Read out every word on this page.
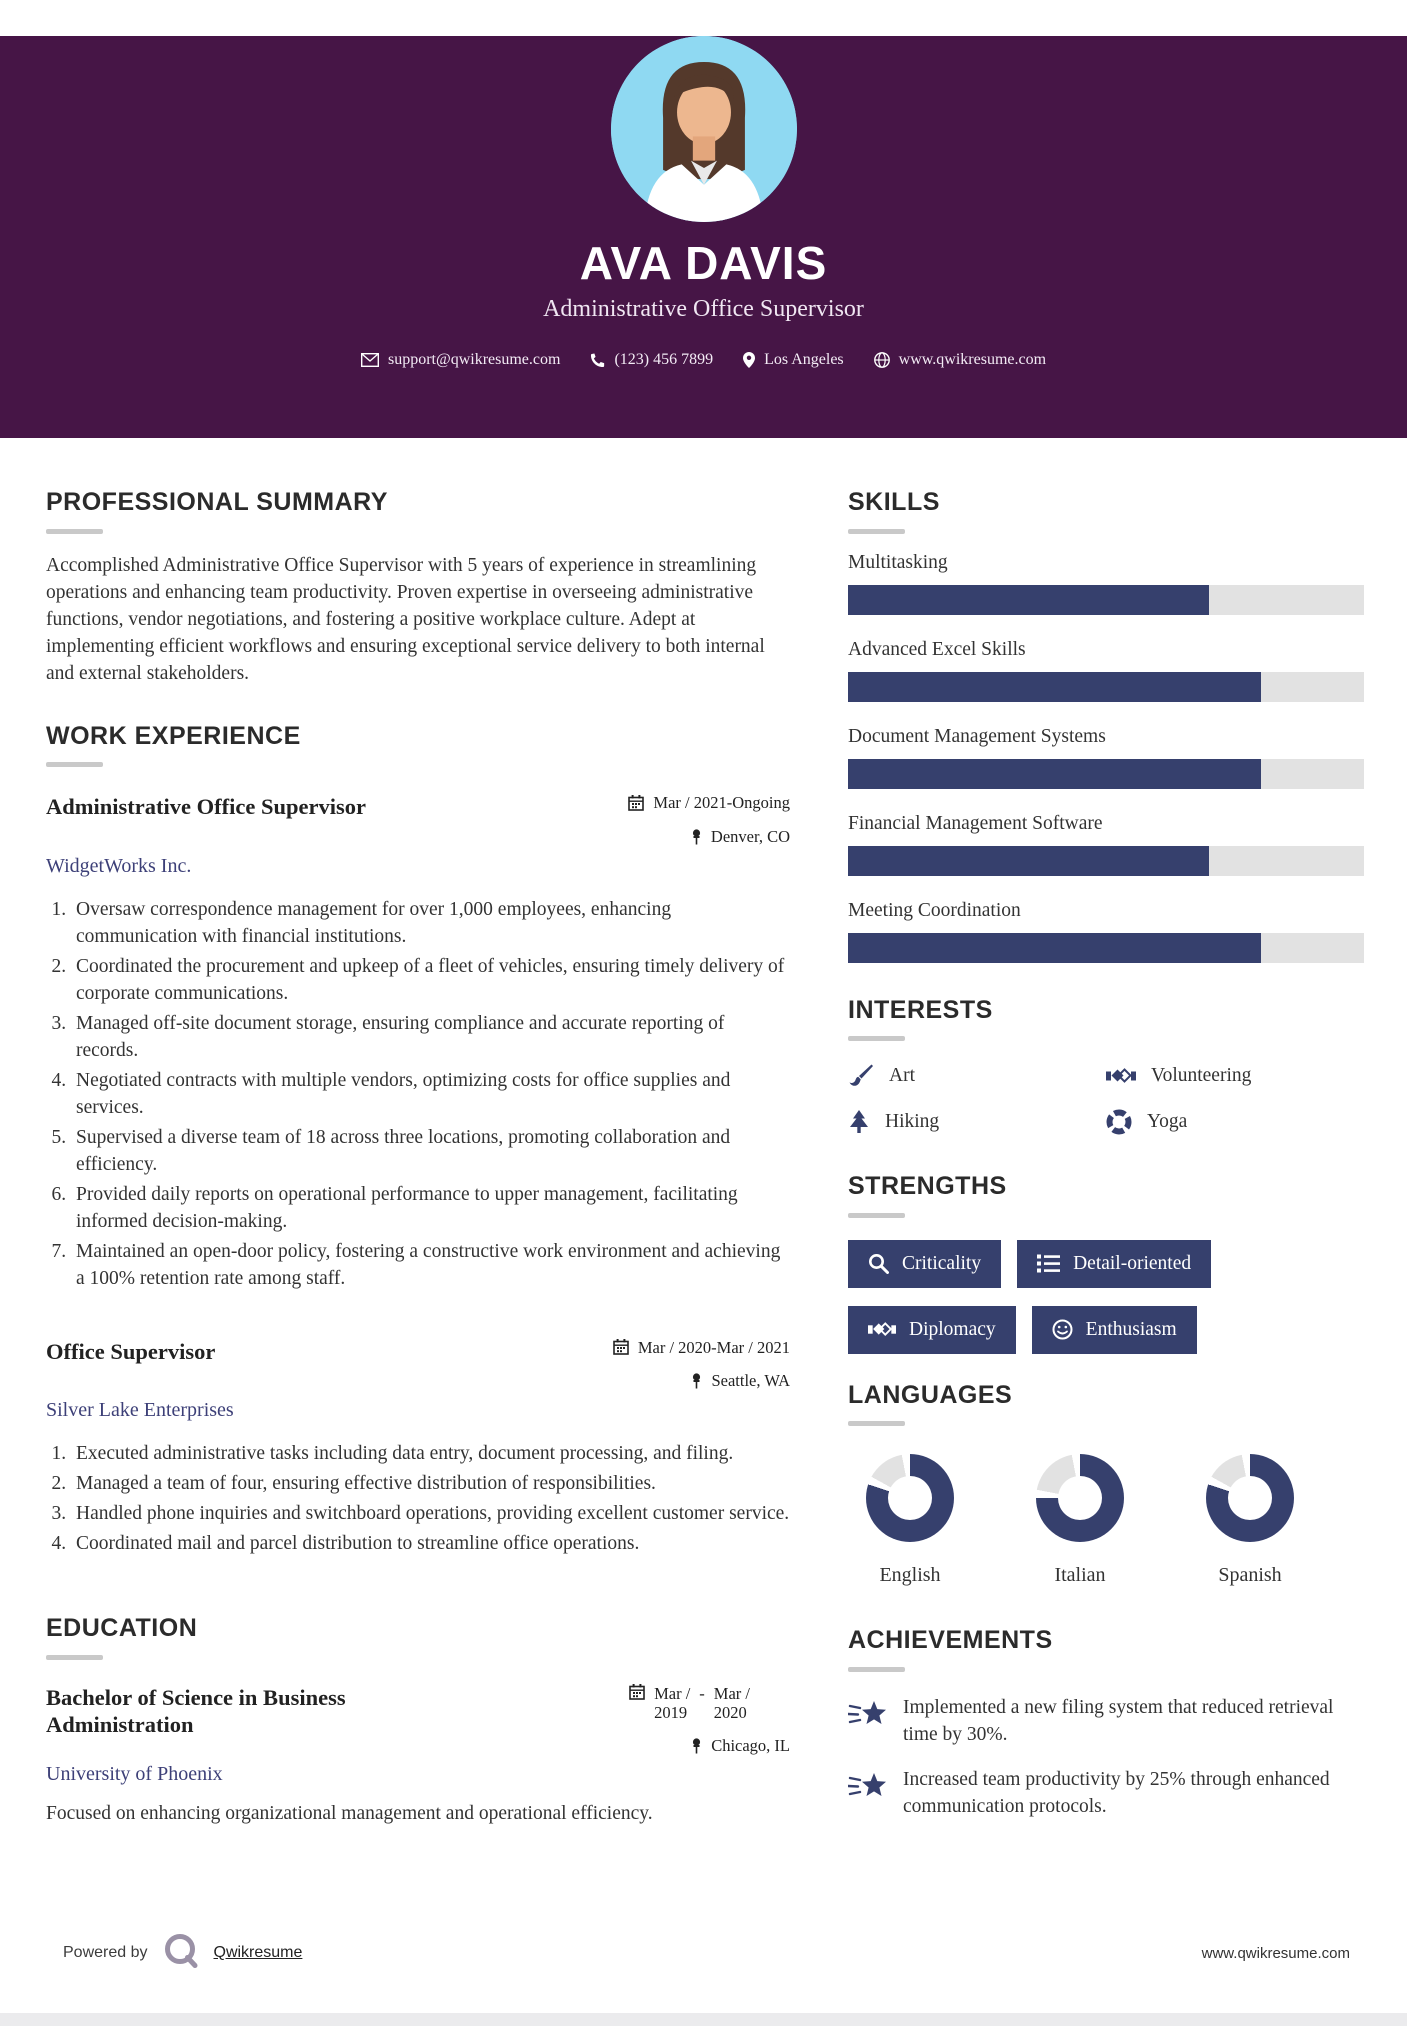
AVA DAVIS
Administrative Office Supervisor
support@qwikresume.com	(123) 456 7899	Los Angeles	www.qwikresume.com
PROFESSIONAL SUMMARY

Accomplished Administrative Office Supervisor with 5 years of experience in streamlining operations and enhancing team productivity. Proven expertise in overseeing administrative functions, vendor negotiations, and fostering a positive workplace culture. Adept at implementing efficient workflows and ensuring exceptional service delivery to both internal and external stakeholders.

WORK EXPERIENCE
Administrative Office Supervisor	Mar / 2021-Ongoing
Denver, CO
WidgetWorks Inc.
1. Oversaw correspondence management for over 1,000 employees, enhancing communication with financial institutions.
2. Coordinated the procurement and upkeep of a fleet of vehicles, ensuring timely delivery of corporate communications.
3. Managed off-site document storage, ensuring compliance and accurate reporting of records.
4. Negotiated contracts with multiple vendors, optimizing costs for office supplies and services.
5. Supervised a diverse team of 18 across three locations, promoting collaboration and efficiency.
6. Provided daily reports on operational performance to upper management, facilitating informed decision-making.
7. Maintained an open-door policy, fostering a constructive work environment and achieving a 100% retention rate among staff.
Office Supervisor	Mar / 2020-Mar / 2021
Seattle, WA
Silver Lake Enterprises
1. Executed administrative tasks including data entry, document processing, and filing.
2. Managed a team of four, ensuring effective distribution of responsibilities.
3. Handled phone inquiries and switchboard operations, providing excellent customer service.
4. Coordinated mail and parcel distribution to streamline office operations.
EDUCATION
Bachelor of Science in Business Administration
Mar /
2019
- Mar /
2020
Chicago, IL
University of Phoenix

Focused on enhancing organizational management and operational efficiency.

SKILLS
Multitasking
Advanced Excel Skills
Document Management Systems
Financial Management Software
Meeting Coordination
INTERESTS
Art	Volunteering
Hiking	Yoga
STRENGTHS
Criticality	Detail-oriented
Diplomacy	Enthusiasm
LANGUAGES
English	Italian	Spanish
ACHIEVEMENTS
Implemented a new filing system that reduced retrieval time by 30%.
Increased team productivity by 25% through enhanced communication protocols.
Powered by	Qwikresume	www.qwikresume.com
